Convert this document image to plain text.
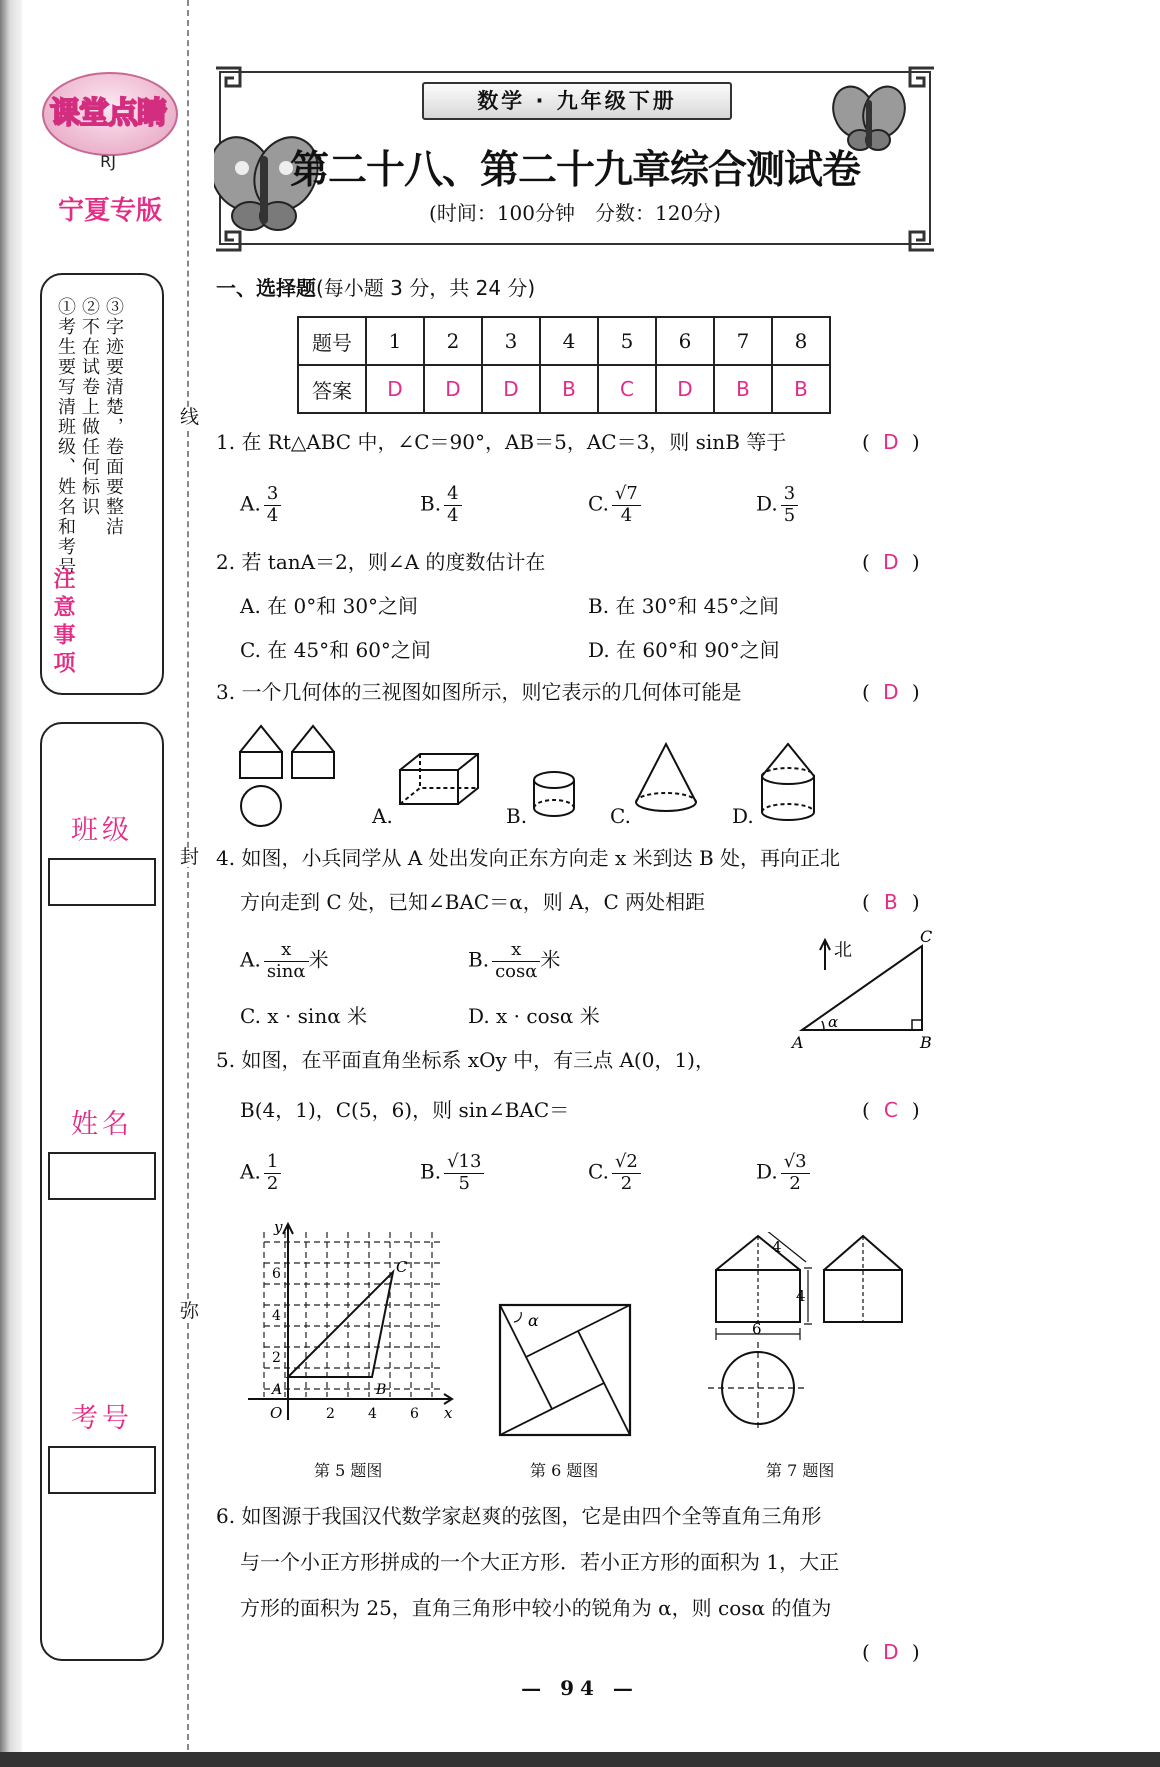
线
封
弥
课堂点睛
RJ
宁夏专版
①考生要写清班级、姓名和考号 ②不在试卷上做任何标识 ③字迹要清楚，卷面要整洁
注意事项
班级
姓名
考号
数学 · 九年级下册
第二十八、第二十九章综合测试卷
(时间：100分钟　分数：120分)
一、选择题(每小题 3 分，共 24 分)
题号	1	2	3	4	5	6	7	8
答案	D	D	D	B	C	D	B	B
1. 在 Rt△ABC 中，∠C＝90°，AB＝5，AC＝3，则 sinB 等于	( D )
A. $\frac{3}{4}$	B. $\frac{4}{4}$	C. $\frac{√7}{4}$	D. $\frac{3}{5}$
2. 若 tanA＝2，则∠A 的度数估计在	( D )
A. 在 0°和 30°之间	B. 在 30°和 45°之间
C. 在 45°和 60°之间	D. 在 60°和 90°之间
3. 一个几何体的三视图如图所示，则它表示的几何体可能是	( D )
A.	B.	C.	D.
4. 如图，小兵同学从 A 处出发向正东方向走 x 米到达 B 处，再向正北
方向走到 C 处，已知∠BAC＝α，则 A，C 两处相距	( B )
A. $\frac{x}{\sin\alpha}$ 米	B. $\frac{x}{\cos\alpha}$ 米
C. x · sinα 米	D. x · cosα 米
北
A	B
C
α
5. 如图，在平面直角坐标系 xOy 中，有三点 A(0，1)，
B(4，1)，C(5，6)，则 sin∠BAC＝	( C )
A. $\frac{1}{2}$	B. $\frac{√13}{5}$	C. $\frac{√2}{2}$	D. $\frac{√3}{2}$
y
x
O
A	B
C
6
4
2
2 4 6
α
4
4
6
第 5 题图	第 6 题图	第 7 题图
6. 如图源于我国汉代数学家赵爽的弦图，它是由四个全等直角三角形
与一个小正方形拼成的一个大正方形．若小正方形的面积为 1，大正
方形的面积为 25，直角三角形中较小的锐角为 α，则 cosα 的值为
( D )
— 94 —
